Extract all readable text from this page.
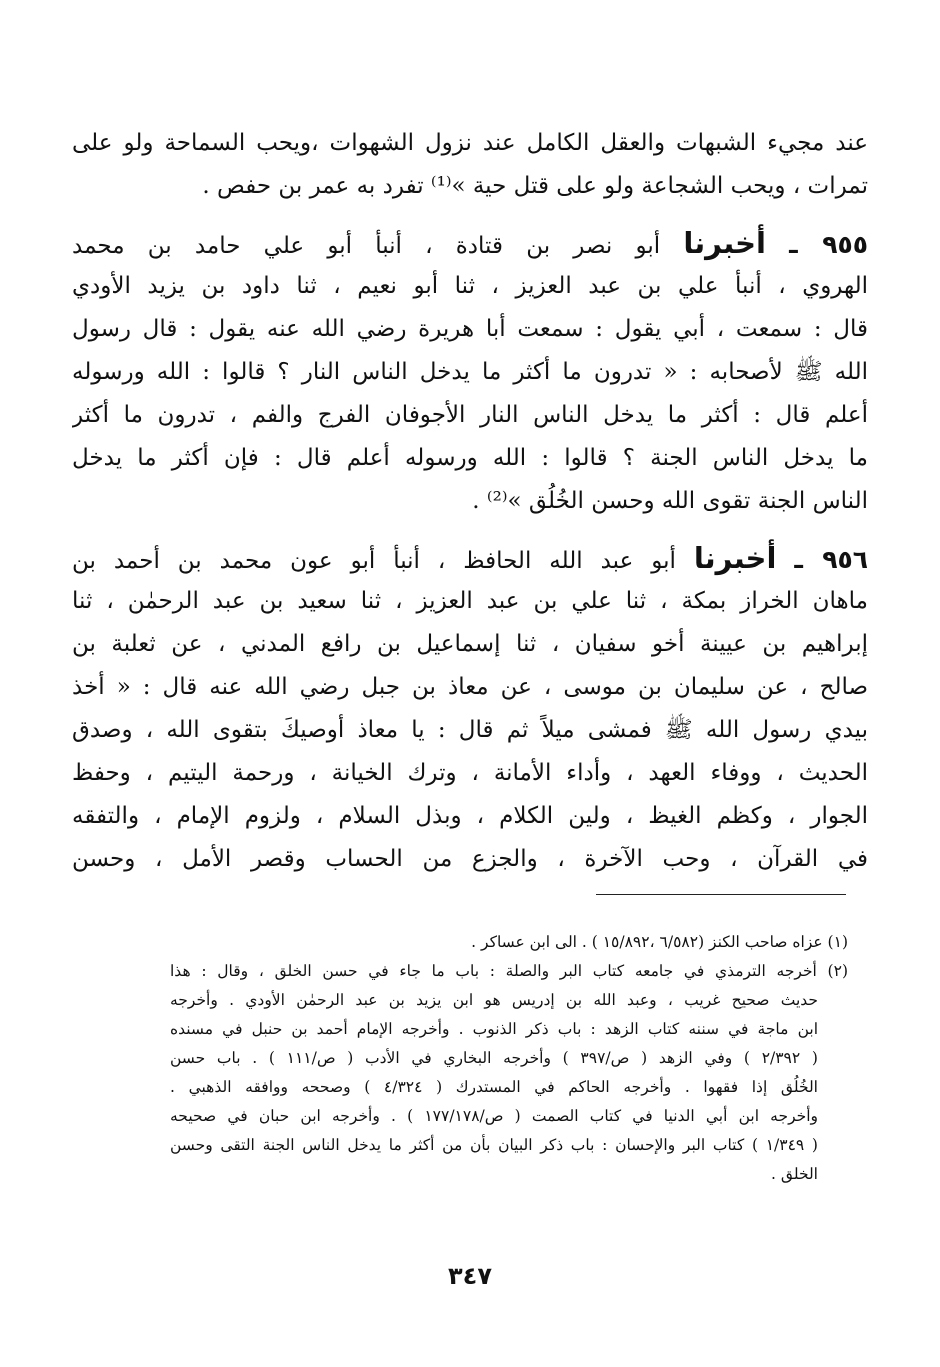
عند مجيء الشبهات والعقل الكامل عند نزول الشهوات ،ويحب السماحة ولو على
تمرات ، ويحب الشجاعة ولو على قتل حية »⁽¹⁾ تفرد به عمر بن حفص .
٩٥٥ ـ أخبرنا أبو نصر بن قتادة ، أنبأ أبو علي حامد بن محمد
الهروي ، أنبأ علي بن عبد العزيز ، ثنا أبو نعيم ، ثنا داود بن يزيد الأودي
قال : سمعت ، أبي يقول : سمعت أبا هريرة رضي الله عنه يقول : قال رسول
الله ﷺ لأصحابه : « تدرون ما أكثر ما يدخل الناس النار ؟ قالوا : الله ورسوله
أعلم قال : أكثر ما يدخل الناس النار الأجوفان الفرج والفم ، تدرون ما أكثر
ما يدخل الناس الجنة ؟ قالوا : الله ورسوله أعلم قال : فإن أكثر ما يدخل
الناس الجنة تقوى الله وحسن الخُلُق »⁽²⁾ .
٩٥٦ ـ أخبرنا أبو عبد الله الحافظ ، أنبأ أبو عون محمد بن أحمد بن
ماهان الخراز بمكة ، ثنا علي بن عبد العزيز ، ثنا سعيد بن عبد الرحمٰن ، ثنا
إبراهيم بن عيينة أخو سفيان ، ثنا إسماعيل بن رافع المدني ، عن ثعلبة بن
صالح ، عن سليمان بن موسى ، عن معاذ بن جبل رضي الله عنه قال : « أخذ
بيدي رسول الله ﷺ فمشى ميلاً ثم قال : يا معاذ أوصيكَ بتقوى الله ، وصدق
الحديث ، ووفاء العهد ، وأداء الأمانة ، وترك الخيانة ، ورحمة اليتيم ، وحفظ
الجوار ، وكظم الغيظ ، ولين الكلام ، وبذل السلام ، ولزوم الإمام ، والتفقه
في القرآن ، وحب الآخرة ، والجزع من الحساب وقصر الأمل ، وحسن
(١) عزاه صاحب الكنز (٦/٥٨٢ ،١٥/٨٩٢ ) . الى ابن عساكر .
(٢) أخرجه الترمذي في جامعه كتاب البر والصلة : باب ما جاء في حسن الخلق ، وقال : هذا
حديث صحيح غريب ، وعبد الله بن إدريس هو ابن يزيد بن عبد الرحمٰن الأودي . وأخرجه
ابن ماجة في سننه كتاب الزهد : باب ذكر الذنوب . وأخرجه الإمام أحمد بن حنبل في مسنده
( ٢/٣٩٢ ) وفي الزهد ( ص/٣٩٧ ) وأخرجه البخاري في الأدب ( ص/١١١ ) . باب حسن
الخُلُق إذا فقهوا . وأخرجه الحاكم في المستدرك ( ٤/٣٢٤ ) وصححه ووافقه الذهبي .
وأخرجه ابن أبي الدنيا في كتاب الصمت ( ص/١٧٧/١٧٨ ) . وأخرجه ابن حبان في صحيحه
( ١/٣٤٩ ) كتاب البر والإحسان : باب ذكر البيان بأن من أكثر ما يدخل الناس الجنة التقى وحسن
الخلق .
٣٤٧
